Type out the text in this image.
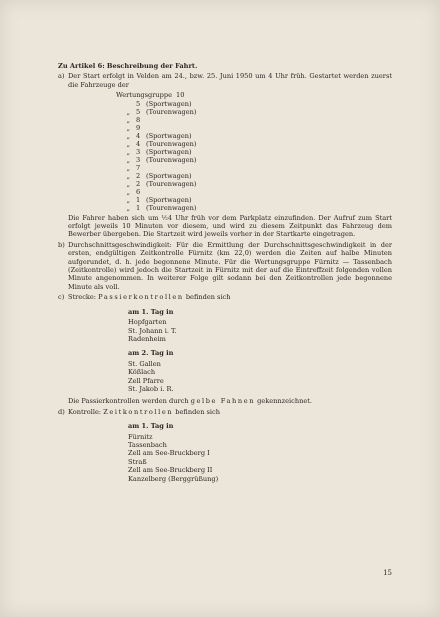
Zu Artikel 6: Beschreibung der Fahrt.
a) Der Start erfolgt in Velden am 24., bzw. 25. Juni 1950 um 4 Uhr früh. Gestartet werden zuerst die Fahrzeuge der
Wertungsgruppe 10
5 (Sportwagen)
„ 5 (Tourenwagen)
„ 8
„ 9
„ 4 (Sportwagen)
„ 4 (Tourenwagen)
„ 3 (Sportwagen)
„ 3 (Tourenwagen)
„ 7
„ 2 (Sportwagen)
„ 2 (Tourenwagen)
„ 6
„ 1 (Sportwagen)
„ 1 (Tourenwagen)
Die Fahrer haben sich um ½4 Uhr früh vor dem Parkplatz einzufinden. Der Aufruf zum Start erfolgt jeweils 10 Minuten vor diesem, und wird zu diesem Zeitpunkt das Fahrzeug dem Bewerber übergeben. Die Startzeit wird jeweils vorher in der Startkarte eingetragen.
b) Durchschnittsgeschwindigkeit: Für die Ermittlung der Durchschnittsgeschwindigkeit in der ersten, endgültigen Zeitkontrolle Fürnitz (km 22,0) werden die Zeiten auf halbe Minuten aufgerundet, d. h. jede begonnene Minute. Für die Wertungsgruppe Fürnitz — Tassenbach (Zeitkontrolle) wird jedoch die Startzeit in Fürnitz mit der auf die Eintreffzeit folgenden vollen Minute angenommen. In weiterer Folge gilt sodann bei den Zeitkontrollen jede begonnene Minute als voll.
c) Strecke: Passierkontrollen befinden sich
am 1. Tag in
Hopfgarten
St. Johann i. T.
Radenheim
am 2. Tag in
St. Gallen
Kößlach
Zell Pfarre
St. Jakob i. R.
Die Passierkontrollen werden durch gelbe Fahnen gekennzeichnet.
d) Kontrolle: Zeitkontrollen befinden sich
am 1. Tag in
Fürnitz
Tassenbach
Zell am See-Bruckberg I
Straß
Zell am See-Bruckberg II
Kanzelberg (Berggrüßung)
15
